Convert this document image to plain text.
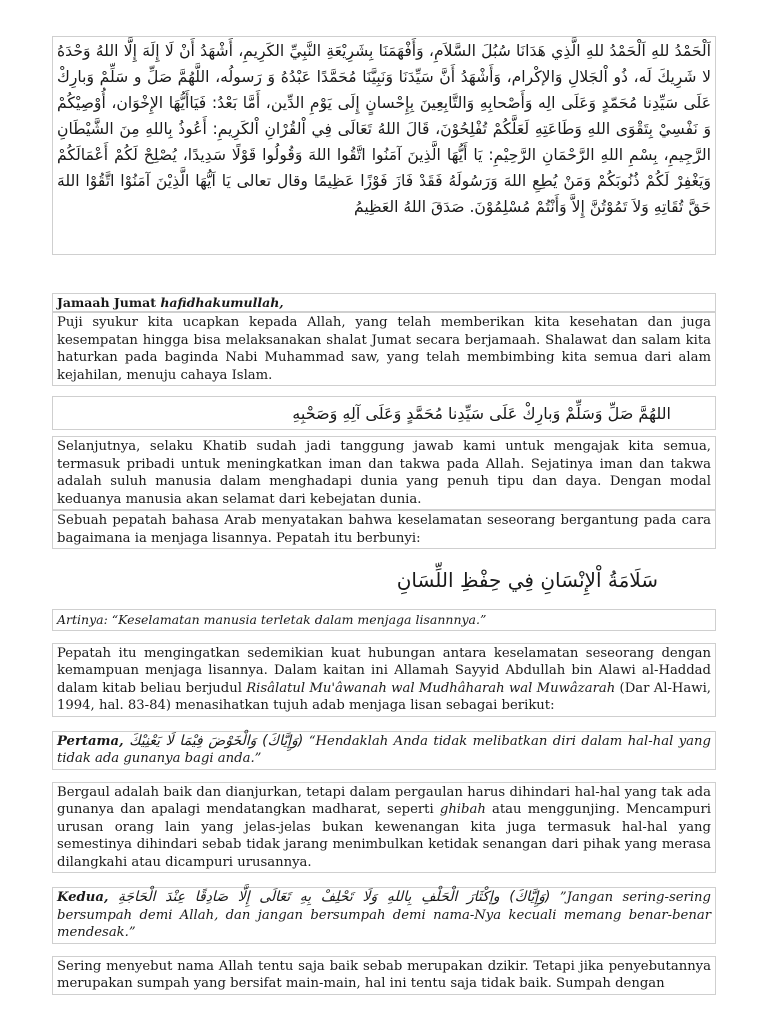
اَلْحَمْدُ للهِ اَلْحَمْدُ للهِ الَّذِي هَدَانَا سُبُلَ السَّلاَمِ، وَأَفْهَمَنَا بِشَرِيْعَةِ النَّبِيِّ الكَرِيمِ، أَشْهَدُ أَنْ لَا إِلَهَ إِلَّا اللهُ وَحْدَهُ لا شَرِيكَ لَه، ذُو اْلجَلالِ وَالإكْرام، وَأَشْهَدُ أَنَّ سَيِّدَنَا وَنَبِيَّنَا مُحَمَّدًا عَبْدُهُ وَ رَسولُه، اللَّهُمَّ صَلِّ و سَلِّمْ وَبارِكْ عَلَى سَيِّدِنا مُحَمّدٍ وَعَلَى الِه وَأَصْحابِهِ وَالتَّابِعِينَ بِإِحْسانٍ إِلَى يَوْمِ الدِّين، أَمَّا بَعْدُ: فَيَاأَيُّهَا الإِخْوَان، أُوْصِيْكُمْ وَ نَفْسِيْ بِتَقْوَى اللهِ وَطَاعَتِهِ لَعَلَّكُمْ تُفْلِحُوْنَ، قَالَ اللهُ تَعَالَى فِي اْلقُرْانِ اْلكَرِيمِ: أَعُوذُ بِاللهِ مِنَ الشَّيْطَانِ الرَّجِيمِ، بِسْمِ اللهِ الرَّحْمَانِ الرَّحِيْمِ: يَا أَيُّهَا الَّذِينَ آمَنُوا اتَّقُوا اللهَ وَقُولُوا قَوْلًا سَدِيدًا، يُصْلِحْ لَكُمْ أَعْمَالَكُمْ وَيَغْفِرْ لَكُمْ ذُنُوبَكُمْ وَمَنْ يُطِعِ اللهَ وَرَسُولَهُ فَقَدْ فَازَ فَوْزًا عَظِيمًا وقال تعالى يَا اَيُّهَا الَّذِيْنَ آمَنُوْا اتَّقُوْا اللهَ حَقَّ تُقَاتِهِ وَلاَ تَمُوْتُنَّ إِلاَّ وَأَنْتُمْ مُسْلِمُوْنَ. صَدَقَ اللهُ العَظِيمُ
Jamaah Jumat hafidhakumullah,
Puji syukur kita ucapkan kepada Allah, yang telah memberikan kita kesehatan dan juga kesempatan hingga bisa melaksanakan shalat Jumat secara berjamaah. Shalawat dan salam kita haturkan pada baginda Nabi Muhammad saw, yang telah membimbing kita semua dari alam kejahilan, menuju cahaya Islam.
اللهُمَّ صَلِّ وَسَلِّمْ وَبارِكْ عَلَى سَيِّدِنا مُحَمَّدٍ وَعَلَى آلِهِ وَصَحْبِهِ
Selanjutnya, selaku Khatib sudah jadi tanggung jawab kami untuk mengajak kita semua, termasuk pribadi untuk meningkatkan iman dan takwa pada Allah. Sejatinya iman dan takwa adalah suluh manusia dalam menghadapi dunia yang penuh tipu dan daya. Dengan modal keduanya manusia akan selamat dari kebejatan dunia.
Sebuah pepatah bahasa Arab menyatakan bahwa keselamatan seseorang bergantung pada cara bagaimana ia menjaga lisannya. Pepatah itu berbunyi:
سَلَامَةُ اْلإِنْسَانِ فِي حِفْظِ اللِّسَانِ
Artinya: “Keselamatan manusia terletak dalam menjaga lisannnya.”
Pepatah itu mengingatkan sedemikian kuat hubungan antara keselamatan seseorang dengan kemampuan menjaga lisannya. Dalam kaitan ini Allamah Sayyid Abdullah bin Alawi al-Haddad dalam kitab beliau berjudul Risâlatul Mu'âwanah wal Mudhâharah wal Muwâzarah (Dar Al-Hawi, 1994, hal. 83-84) menasihatkan tujuh adab menjaga lisan sebagai berikut:
Pertama, (وَإِيَّاكَ) وَالْخَوْضَ فِيْمَا لَا يَعْنِيْكَ “Hendaklah Anda tidak melibatkan diri dalam hal-hal yang tidak ada gunanya bagi anda.”
Bergaul adalah baik dan dianjurkan, tetapi dalam pergaulan harus dihindari hal-hal yang tak ada gunanya dan apalagi mendatangkan madharat, seperti ghibah atau menggunjing. Mencampuri urusan orang lain yang jelas-jelas bukan kewenangan kita juga termasuk hal-hal yang semestinya dihindari sebab tidak jarang menimbulkan ketidak senangan dari pihak yang merasa dilangkahi atau dicampuri urusannya.
Kedua, (وَإِيَّاكَ) وإكْثَارَ الْحَلْفِ بِاللهِ وَلَا تَحْلِفْ بِهِ تَعَالَى إِلَّا صَادِقًا عِنْدَ الْحَاجَةِ ”Jangan sering-sering bersumpah demi Allah, dan jangan bersumpah demi nama-Nya kecuali memang benar-benar mendesak.”
Sering menyebut nama Allah tentu saja baik sebab merupakan dzikir. Tetapi jika penyebutannya merupakan sumpah yang bersifat main-main, hal ini tentu saja tidak baik. Sumpah dengan
